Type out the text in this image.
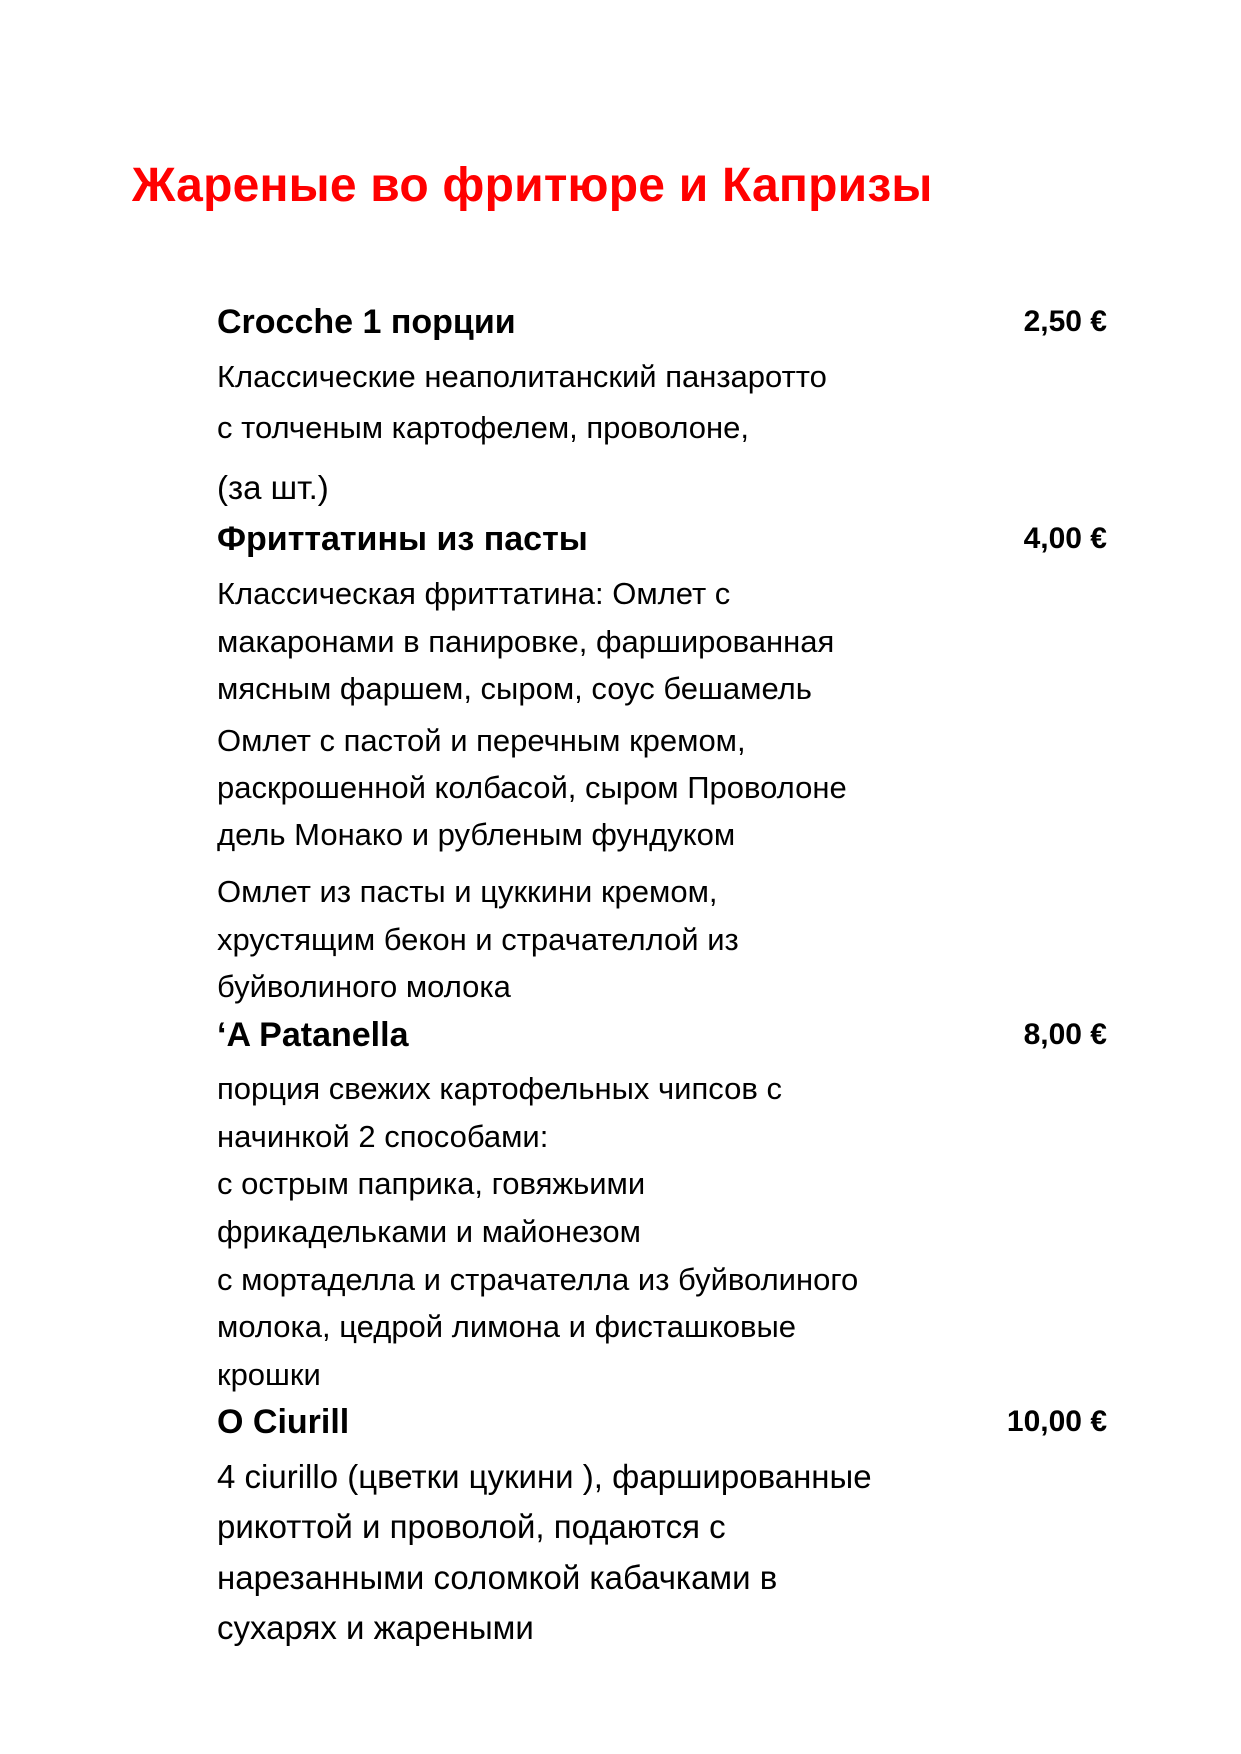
Жареные во фритюре и Капризы
Crocche 1 порции	2,50 €
Классические неаполитанский панзаротто
с толченым картофелем, проволоне,
(за шт.)
Фриттатины из пасты	4,00 €
Классическая фриттатина: Омлет с
макаронами в панировке, фаршированная
мясным фаршем, сыром, соус бешамель
Омлет с пастой и перечным кремом,
раскрошенной колбасой, сыром Проволоне
дель Монако и рубленым фундуком
Омлет из пасты и цуккини кремом,
хрустящим бекон и страчателлой из
буйволиного молока
‘A Patanella	8,00 €
порция свежих картофельных чипсов с
начинкой 2 способами:
с острым паприка, говяжьими
фрикадельками и майонезом
с мортаделла и страчателла из буйволиного
молока, цедрой лимона и фисташковые
крошки
O Ciurill	10,00 €
4 ciurillo (цветки цукини ), фаршированные
рикоттой и проволой, подаются с
нарезанными соломкой кабачками в
сухарях и жареными
